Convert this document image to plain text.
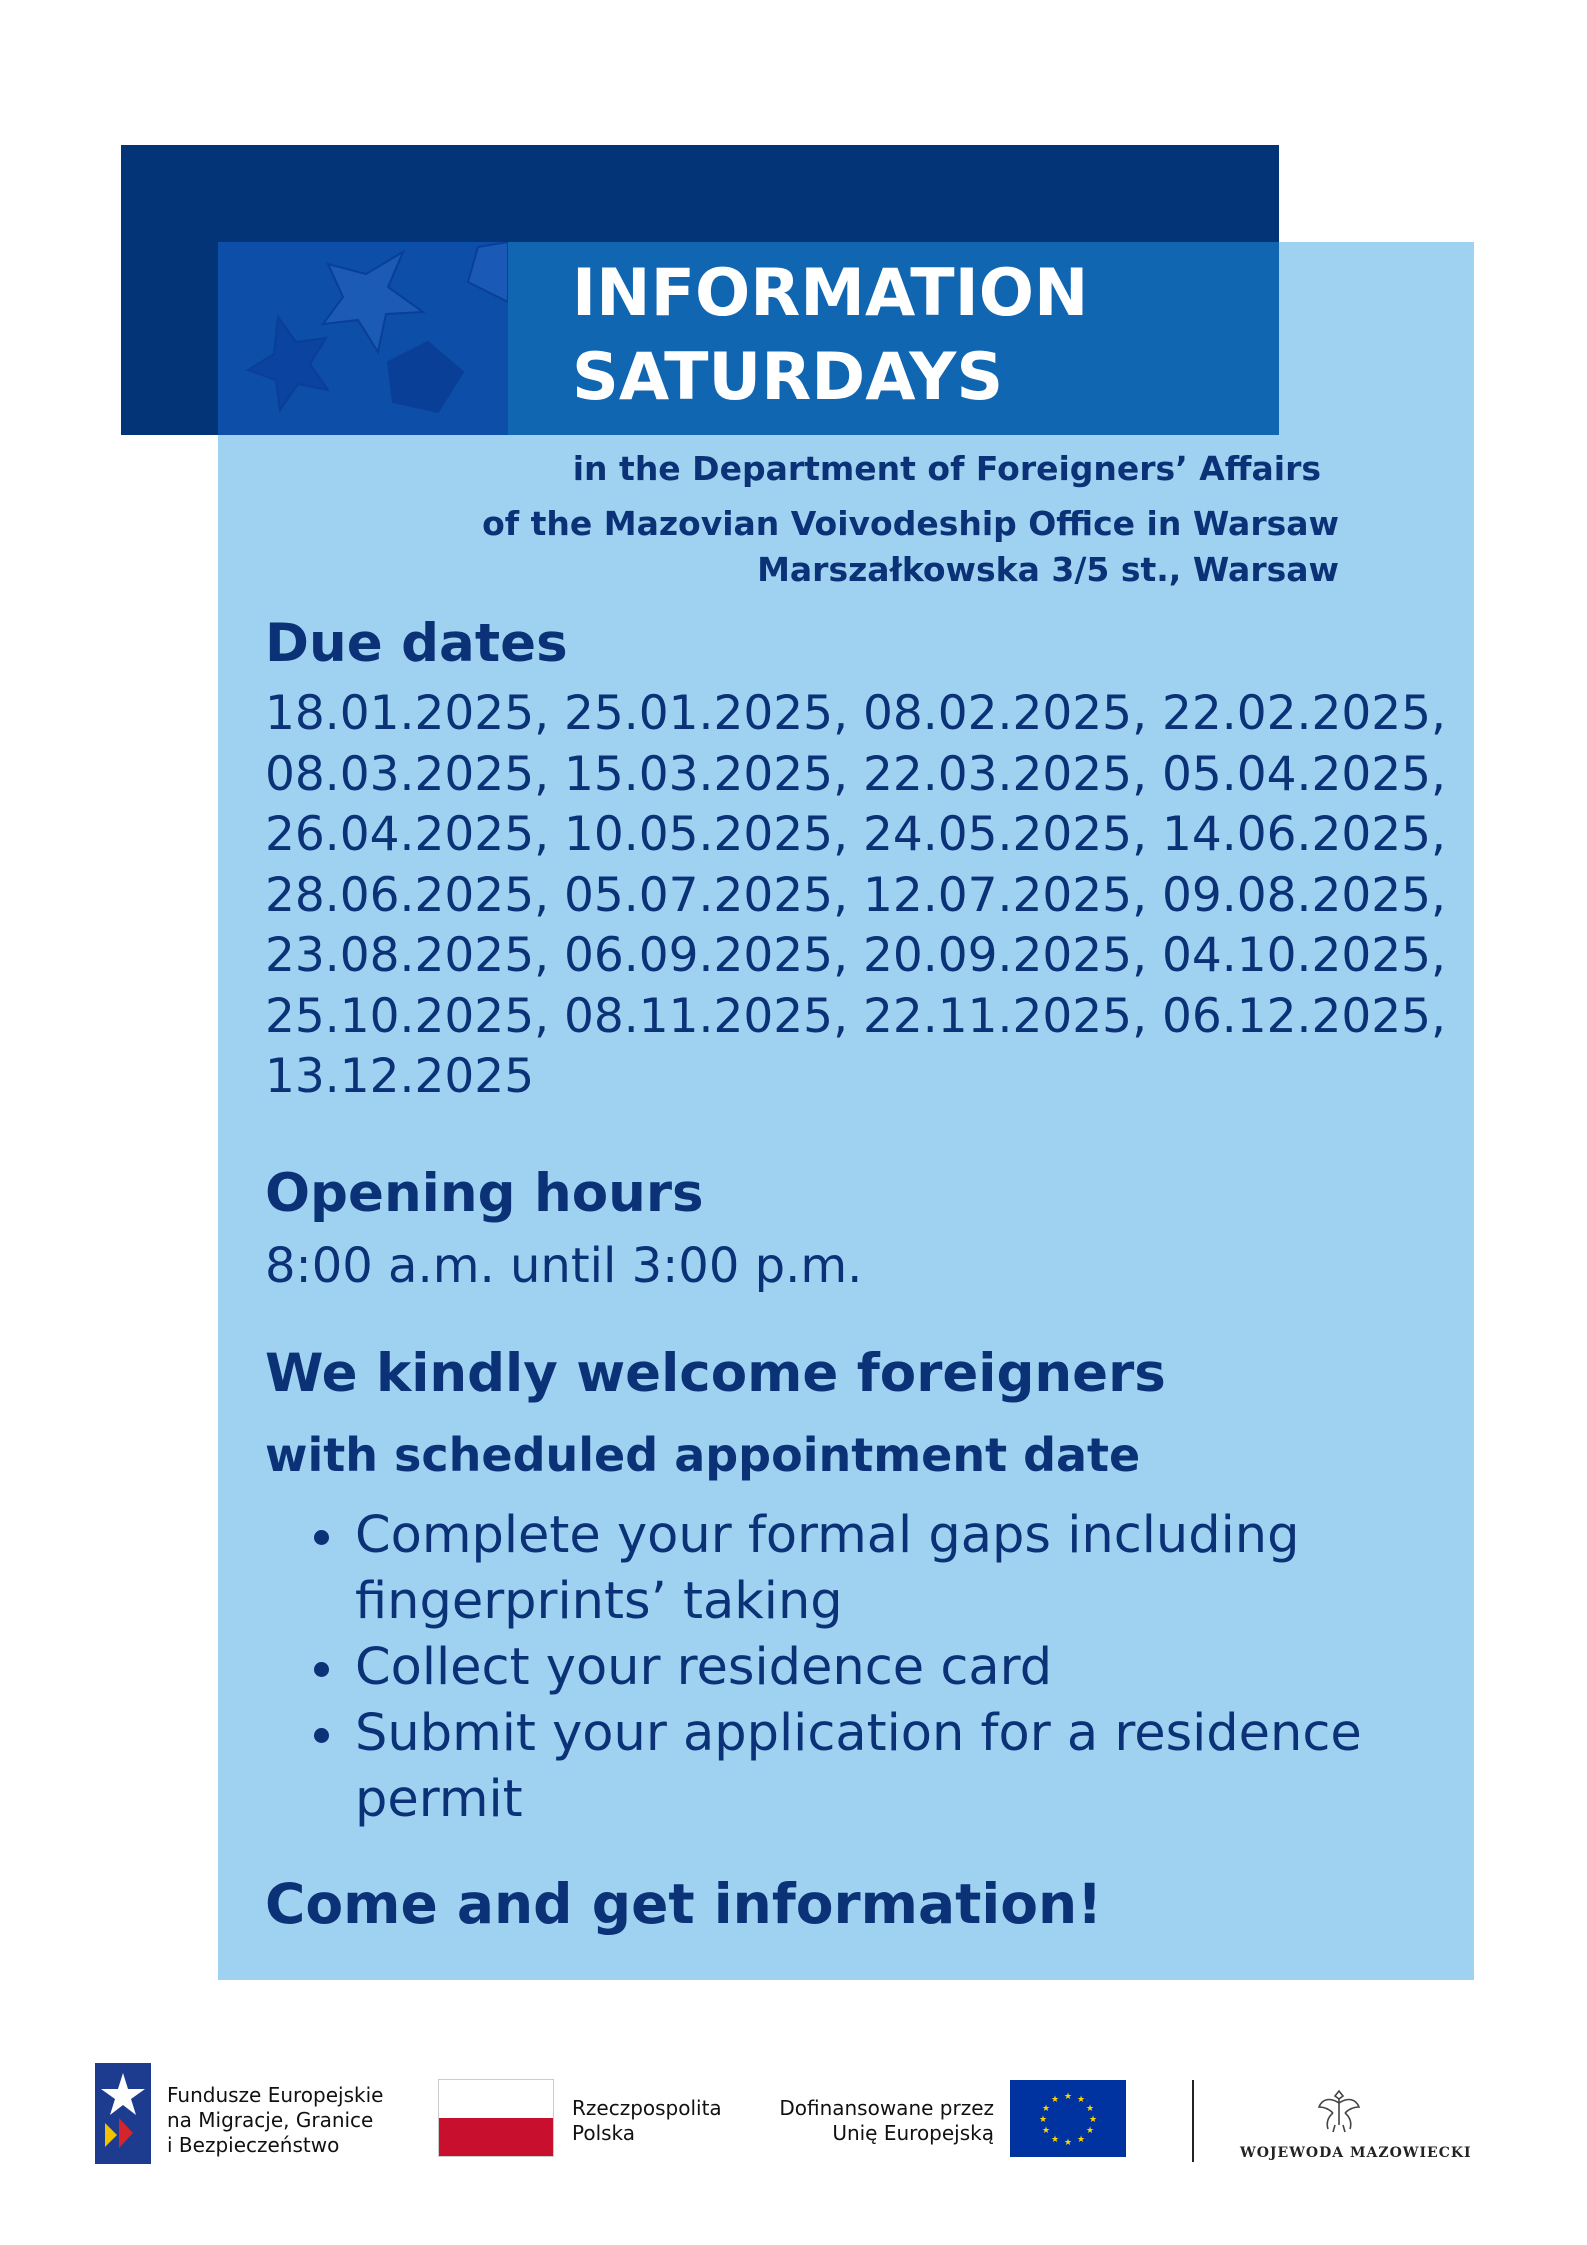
INFORMATION
SATURDAYS
in the Department of Foreigners’ Affairs
of the Mazovian Voivodeship Office in Warsaw
Marszałkowska 3/5 st., Warsaw
Due dates
18.01.2025, 25.01.2025, 08.02.2025, 22.02.2025,
08.03.2025, 15.03.2025, 22.03.2025, 05.04.2025,
26.04.2025, 10.05.2025, 24.05.2025, 14.06.2025,
28.06.2025, 05.07.2025, 12.07.2025, 09.08.2025,
23.08.2025, 06.09.2025, 20.09.2025, 04.10.2025,
25.10.2025, 08.11.2025, 22.11.2025, 06.12.2025,
13.12.2025
Opening hours
8:00 a.m. until 3:00 p.m.
We kindly welcome foreigners
with scheduled appointment date
Complete your formal gaps including fingerprints’ taking
Collect your residence card
Submit your application for a residence permit
Come and get information!
Fundusze Europejskie
na Migracje, Granice
i Bezpieczeństwo
Rzeczpospolita
Polska
Dofinansowane przez
Unię Europejską
★ ★
★
★
★
★
★
★
★
★
★
★
WOJEWODA MAZOWIECKI
